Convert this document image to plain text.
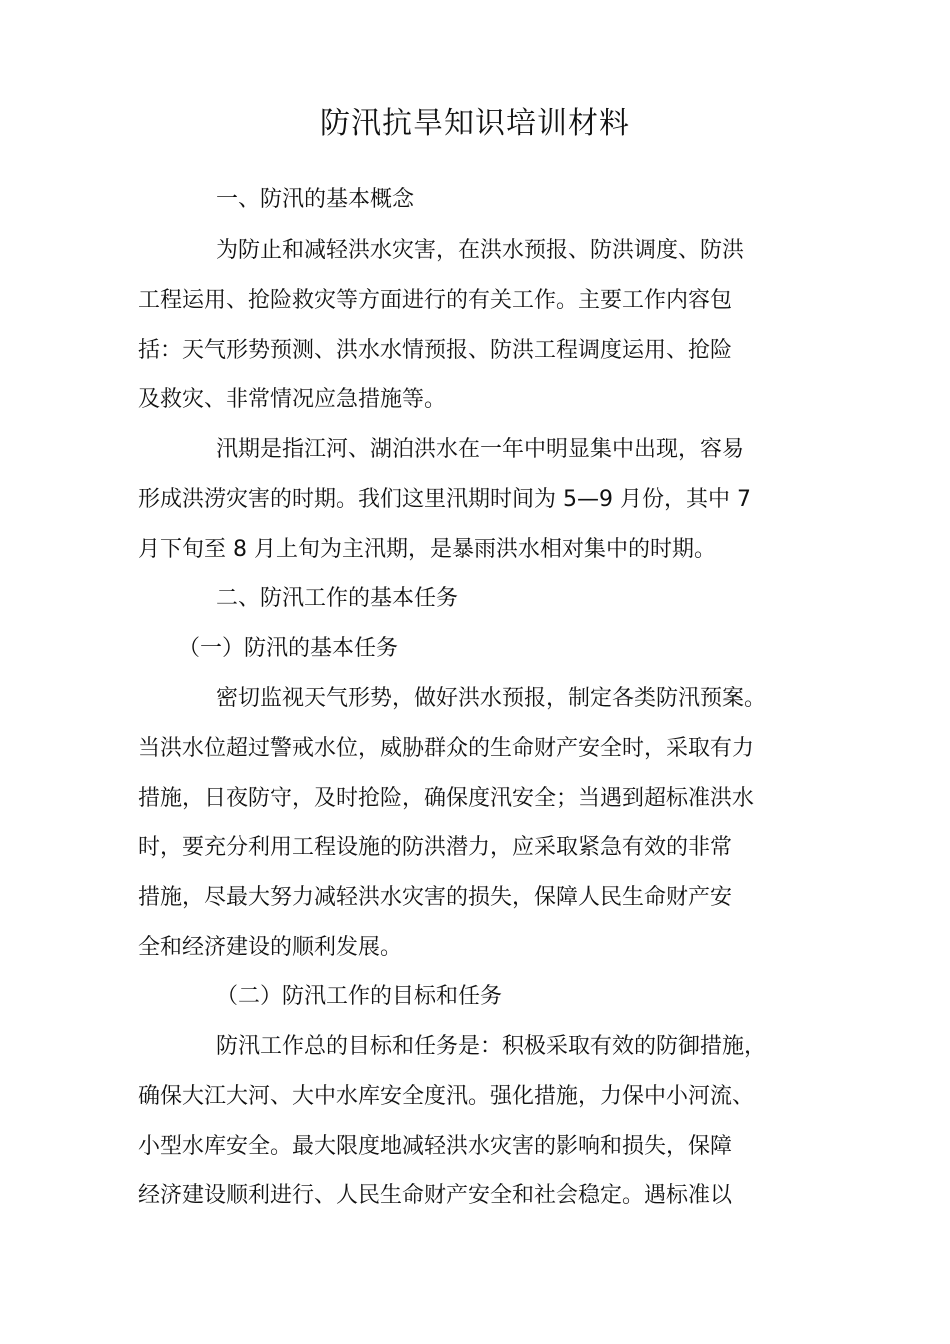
防汛抗旱知识培训材料
一、防汛的基本概念
为防止和减轻洪水灾害，在洪水预报、防洪调度、防洪
工程运用、抢险救灾等方面进行的有关工作。主要工作内容包
括：天气形势预测、洪水水情预报、防洪工程调度运用、抢险
及救灾、非常情况应急措施等。
汛期是指江河、湖泊洪水在一年中明显集中出现，容易
形成洪涝灾害的时期。我们这里汛期时间为 5—9 月份，其中 7
月下旬至 8 月上旬为主汛期，是暴雨洪水相对集中的时期。
二、防汛工作的基本任务
（一）防汛的基本任务
密切监视天气形势，做好洪水预报，制定各类防汛预案。
当洪水位超过警戒水位，威胁群众的生命财产安全时，采取有力
措施，日夜防守，及时抢险，确保度汛安全；当遇到超标准洪水
时，要充分利用工程设施的防洪潜力，应采取紧急有效的非常
措施，尽最大努力减轻洪水灾害的损失，保障人民生命财产安
全和经济建设的顺利发展。
（二）防汛工作的目标和任务
防汛工作总的目标和任务是：积极采取有效的防御措施，
确保大江大河、大中水库安全度汛。强化措施，力保中小河流、
小型水库安全。最大限度地减轻洪水灾害的影响和损失，保障
经济建设顺利进行、人民生命财产安全和社会稳定。遇标准以
